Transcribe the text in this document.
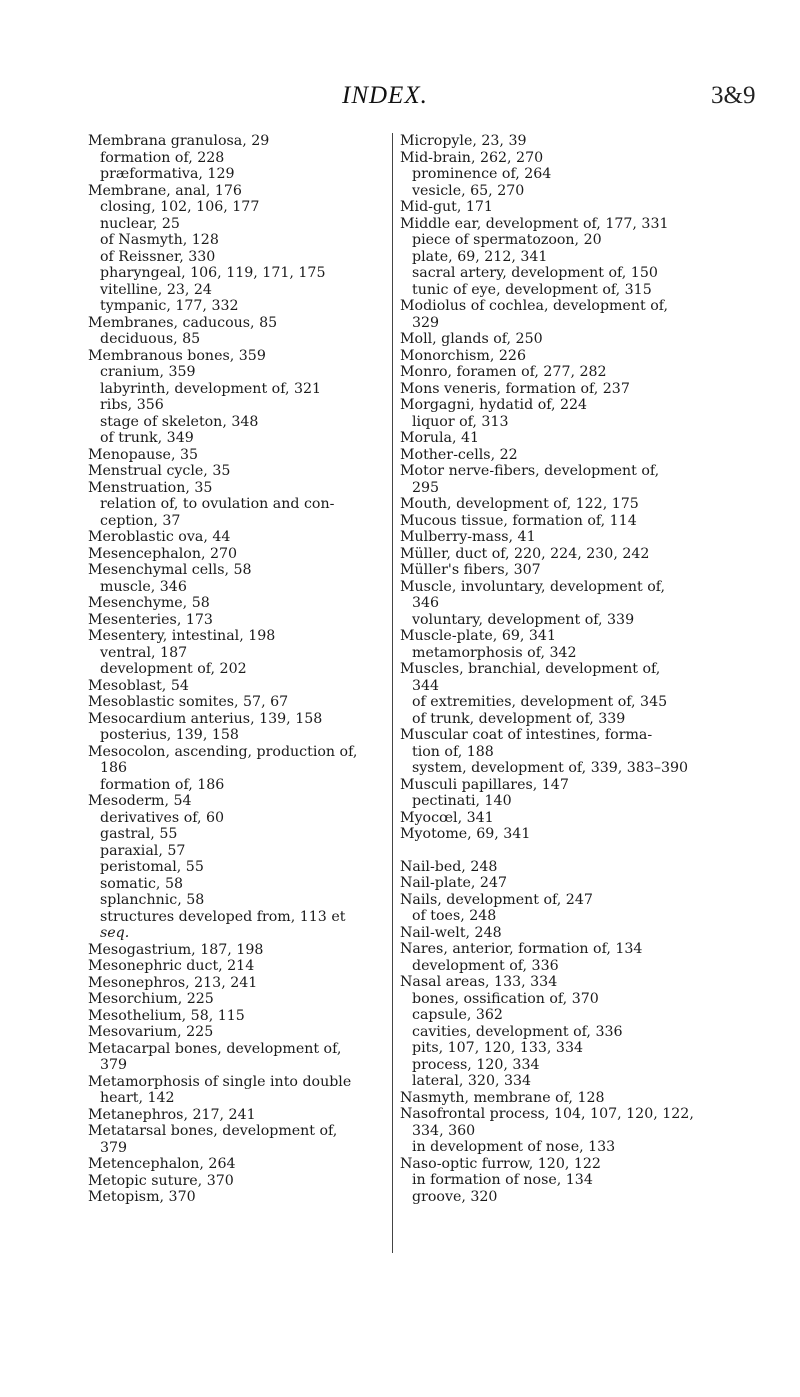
INDEX.	3&9
Membrana granulosa, 29
formation of, 228
præformativa, 129
Membrane, anal, 176
closing, 102, 106, 177
nuclear, 25
of Nasmyth, 128
of Reissner, 330
pharyngeal, 106, 119, 171, 175
vitelline, 23, 24
tympanic, 177, 332
Membranes, caducous, 85
deciduous, 85
Membranous bones, 359
cranium, 359
labyrinth, development of, 321
ribs, 356
stage of skeleton, 348
of trunk, 349
Menopause, 35
Menstrual cycle, 35
Menstruation, 35
relation of, to ovulation and con-
ception, 37
Meroblastic ova, 44
Mesencephalon, 270
Mesenchymal cells, 58
muscle, 346
Mesenchyme, 58
Mesenteries, 173
Mesentery, intestinal, 198
ventral, 187
development of, 202
Mesoblast, 54
Mesoblastic somites, 57, 67
Mesocardium anterius, 139, 158
posterius, 139, 158
Mesocolon, ascending, production of,
186
formation of, 186
Mesoderm, 54
derivatives of, 60
gastral, 55
paraxial, 57
peristomal, 55
somatic, 58
splanchnic, 58
structures developed from, 113 et
seq.
Mesogastrium, 187, 198
Mesonephric duct, 214
Mesonephros, 213, 241
Mesorchium, 225
Mesothelium, 58, 115
Mesovarium, 225
Metacarpal bones, development of,
379
Metamorphosis of single into double
heart, 142
Metanephros, 217, 241
Metatarsal bones, development of,
379
Metencephalon, 264
Metopic suture, 370
Metopism, 370
Micropyle, 23, 39
Mid-brain, 262, 270
prominence of, 264
vesicle, 65, 270
Mid-gut, 171
Middle ear, development of, 177, 331
piece of spermatozoon, 20
plate, 69, 212, 341
sacral artery, development of, 150
tunic of eye, development of, 315
Modiolus of cochlea, development of,
329
Moll, glands of, 250
Monorchism, 226
Monro, foramen of, 277, 282
Mons veneris, formation of, 237
Morgagni, hydatid of, 224
liquor of, 313
Morula, 41
Mother-cells, 22
Motor nerve-fibers, development of,
295
Mouth, development of, 122, 175
Mucous tissue, formation of, 114
Mulberry-mass, 41
Müller, duct of, 220, 224, 230, 242
Müller's fibers, 307
Muscle, involuntary, development of,
346
voluntary, development of, 339
Muscle-plate, 69, 341
metamorphosis of, 342
Muscles, branchial, development of,
344
of extremities, development of, 345
of trunk, development of, 339
Muscular coat of intestines, forma-
tion of, 188
system, development of, 339, 383–390
Musculi papillares, 147
pectinati, 140
Myocœl, 341
Myotome, 69, 341
Nail-bed, 248
Nail-plate, 247
Nails, development of, 247
of toes, 248
Nail-welt, 248
Nares, anterior, formation of, 134
development of, 336
Nasal areas, 133, 334
bones, ossification of, 370
capsule, 362
cavities, development of, 336
pits, 107, 120, 133, 334
process, 120, 334
lateral, 320, 334
Nasmyth, membrane of, 128
Nasofrontal process, 104, 107, 120, 122,
334, 360
in development of nose, 133
Naso-optic furrow, 120, 122
in formation of nose, 134
groove, 320
